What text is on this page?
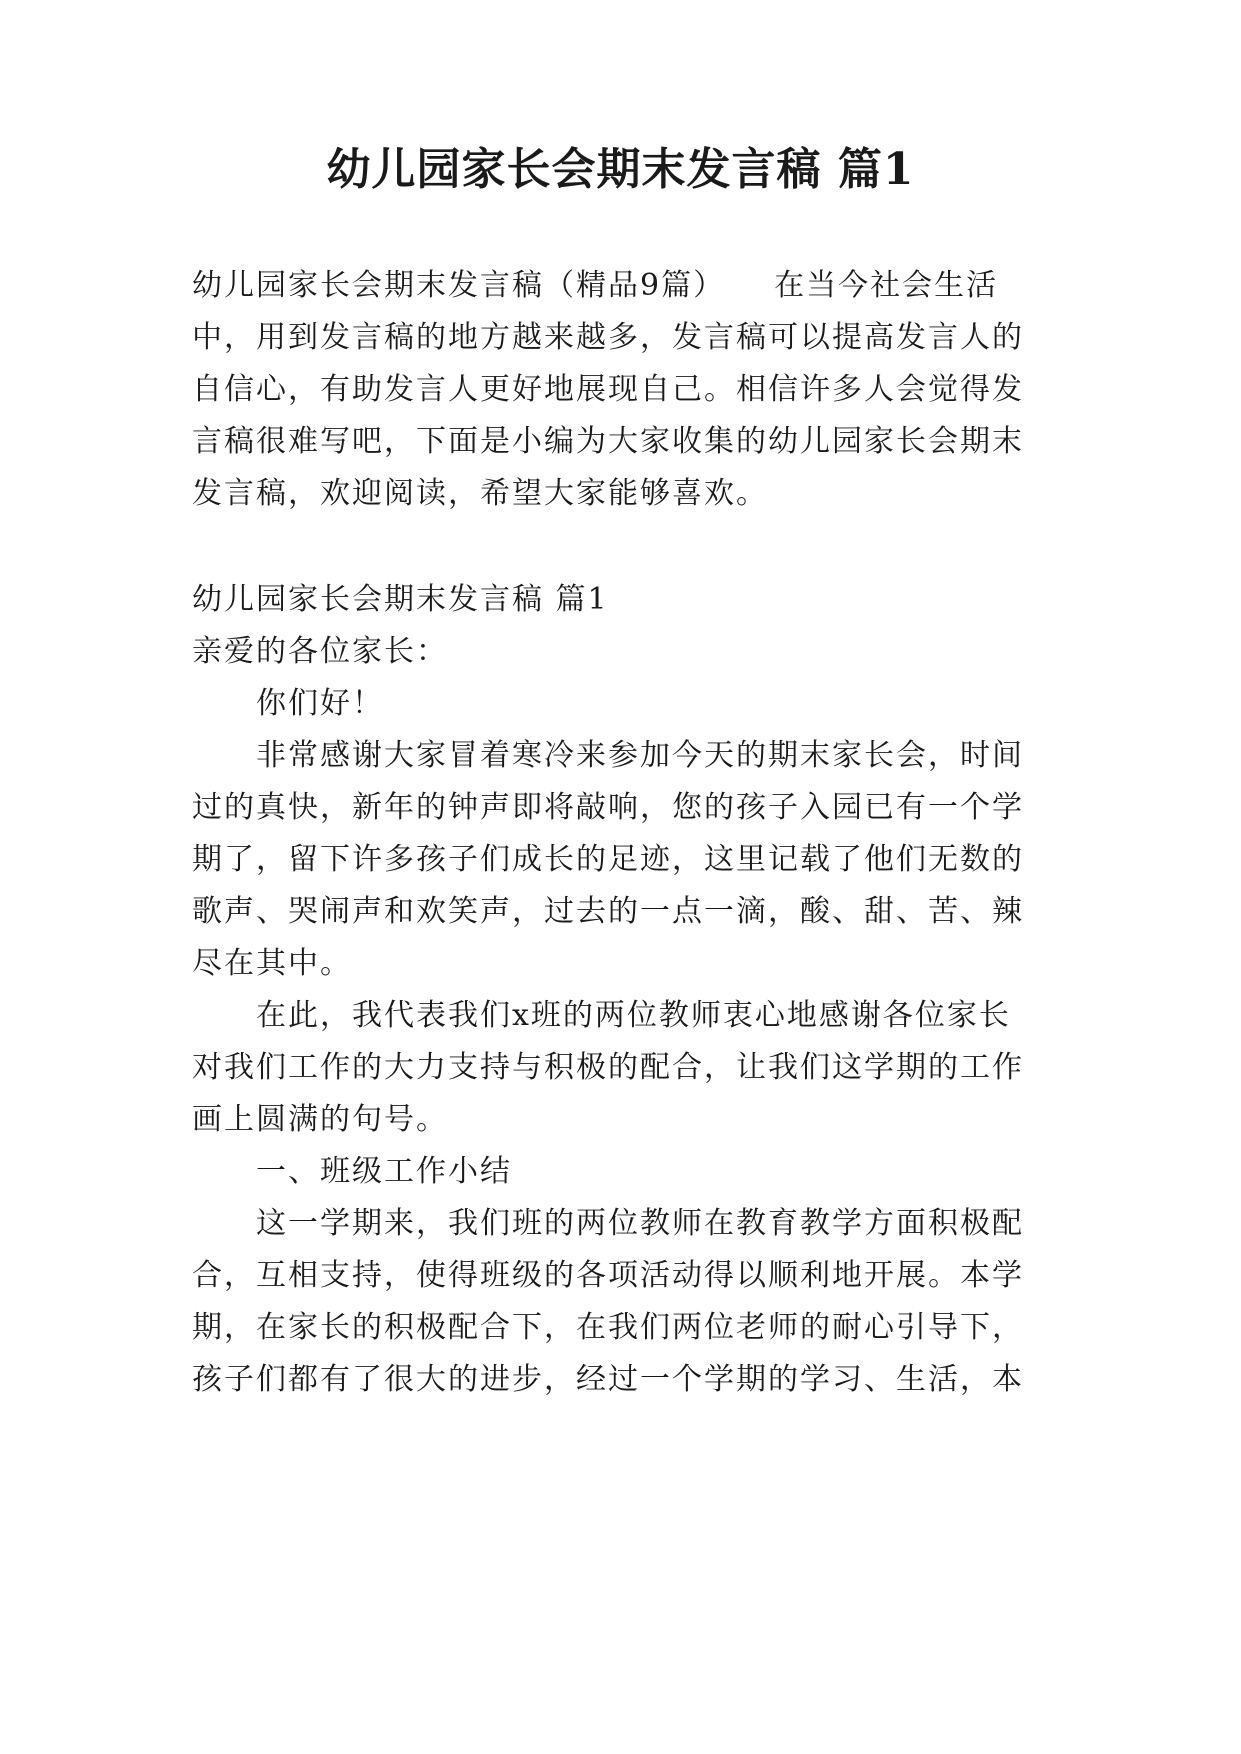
幼儿园家长会期末发言稿 篇1
幼儿园家长会期末发言稿（精品9篇）　　在当今社会生活
中，用到发言稿的地方越来越多，发言稿可以提高发言人的
自信心，有助发言人更好地展现自己。相信许多人会觉得发
言稿很难写吧，下面是小编为大家收集的幼儿园家长会期末
发言稿，欢迎阅读，希望大家能够喜欢。
幼儿园家长会期末发言稿 篇1
亲爱的各位家长：
你们好！
非常感谢大家冒着寒冷来参加今天的期末家长会，时间
过的真快，新年的钟声即将敲响，您的孩子入园已有一个学
期了，留下许多孩子们成长的足迹，这里记载了他们无数的
歌声、哭闹声和欢笑声，过去的一点一滴，酸、甜、苦、辣
尽在其中。
在此，我代表我们x班的两位教师衷心地感谢各位家长
对我们工作的大力支持与积极的配合，让我们这学期的工作
画上圆满的句号。
一、班级工作小结
这一学期来，我们班的两位教师在教育教学方面积极配
合，互相支持，使得班级的各项活动得以顺利地开展。本学
期，在家长的积极配合下，在我们两位老师的耐心引导下，
孩子们都有了很大的进步，经过一个学期的学习、生活，本
